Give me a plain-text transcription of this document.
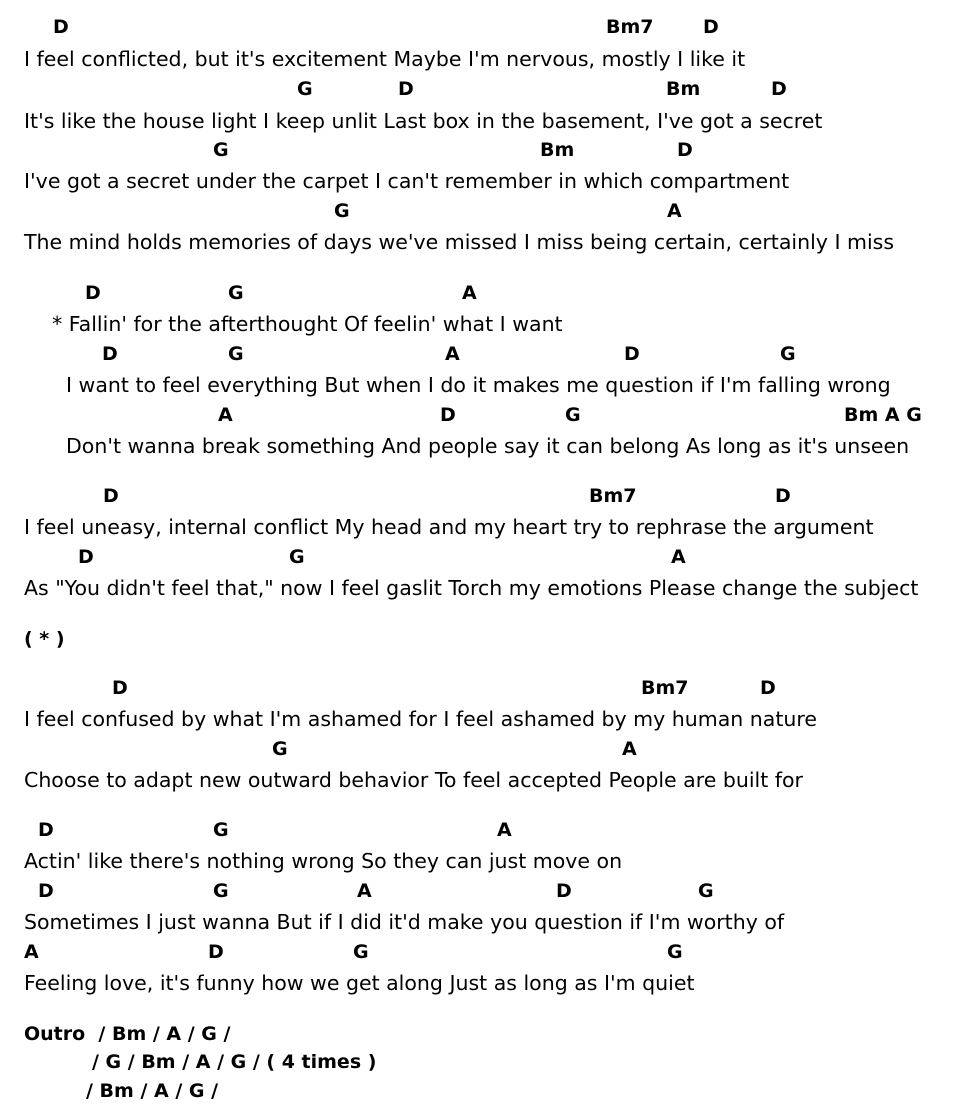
D	Bm7	D
I feel conflicted, but it's excitement Maybe I'm nervous, mostly I like it
G	D	Bm	D
It's like the house light I keep unlit Last box in the basement, I've got a secret
G	Bm	D
I've got a secret under the carpet I can't remember in which compartment
G	A
The mind holds memories of days we've missed I miss being certain, certainly I miss
D	G	A
* Fallin' for the afterthought Of feelin' what I want
D	G	A	D	G
I want to feel everything But when I do it makes me question if I'm falling wrong
A	D	G	Bm A G
Don't wanna break something And people say it can belong As long as it's unseen
D	Bm7	D
I feel uneasy, internal conflict My head and my heart try to rephrase the argument
D	G	A
As "You didn't feel that," now I feel gaslit Torch my emotions Please change the subject
( * )
D	Bm7	D
I feel confused by what I'm ashamed for I feel ashamed by my human nature
G	A
Choose to adapt new outward behavior To feel accepted People are built for
D	G	A
Actin' like there's nothing wrong So they can just move on
D	G	A	D	G
Sometimes I just wanna But if I did it'd make you question if I'm worthy of
A	D	G	G
Feeling love, it's funny how we get along Just as long as I'm quiet
Outro  / Bm / A / G /
/ G / Bm / A / G / ( 4 times )
/ Bm / A / G /
